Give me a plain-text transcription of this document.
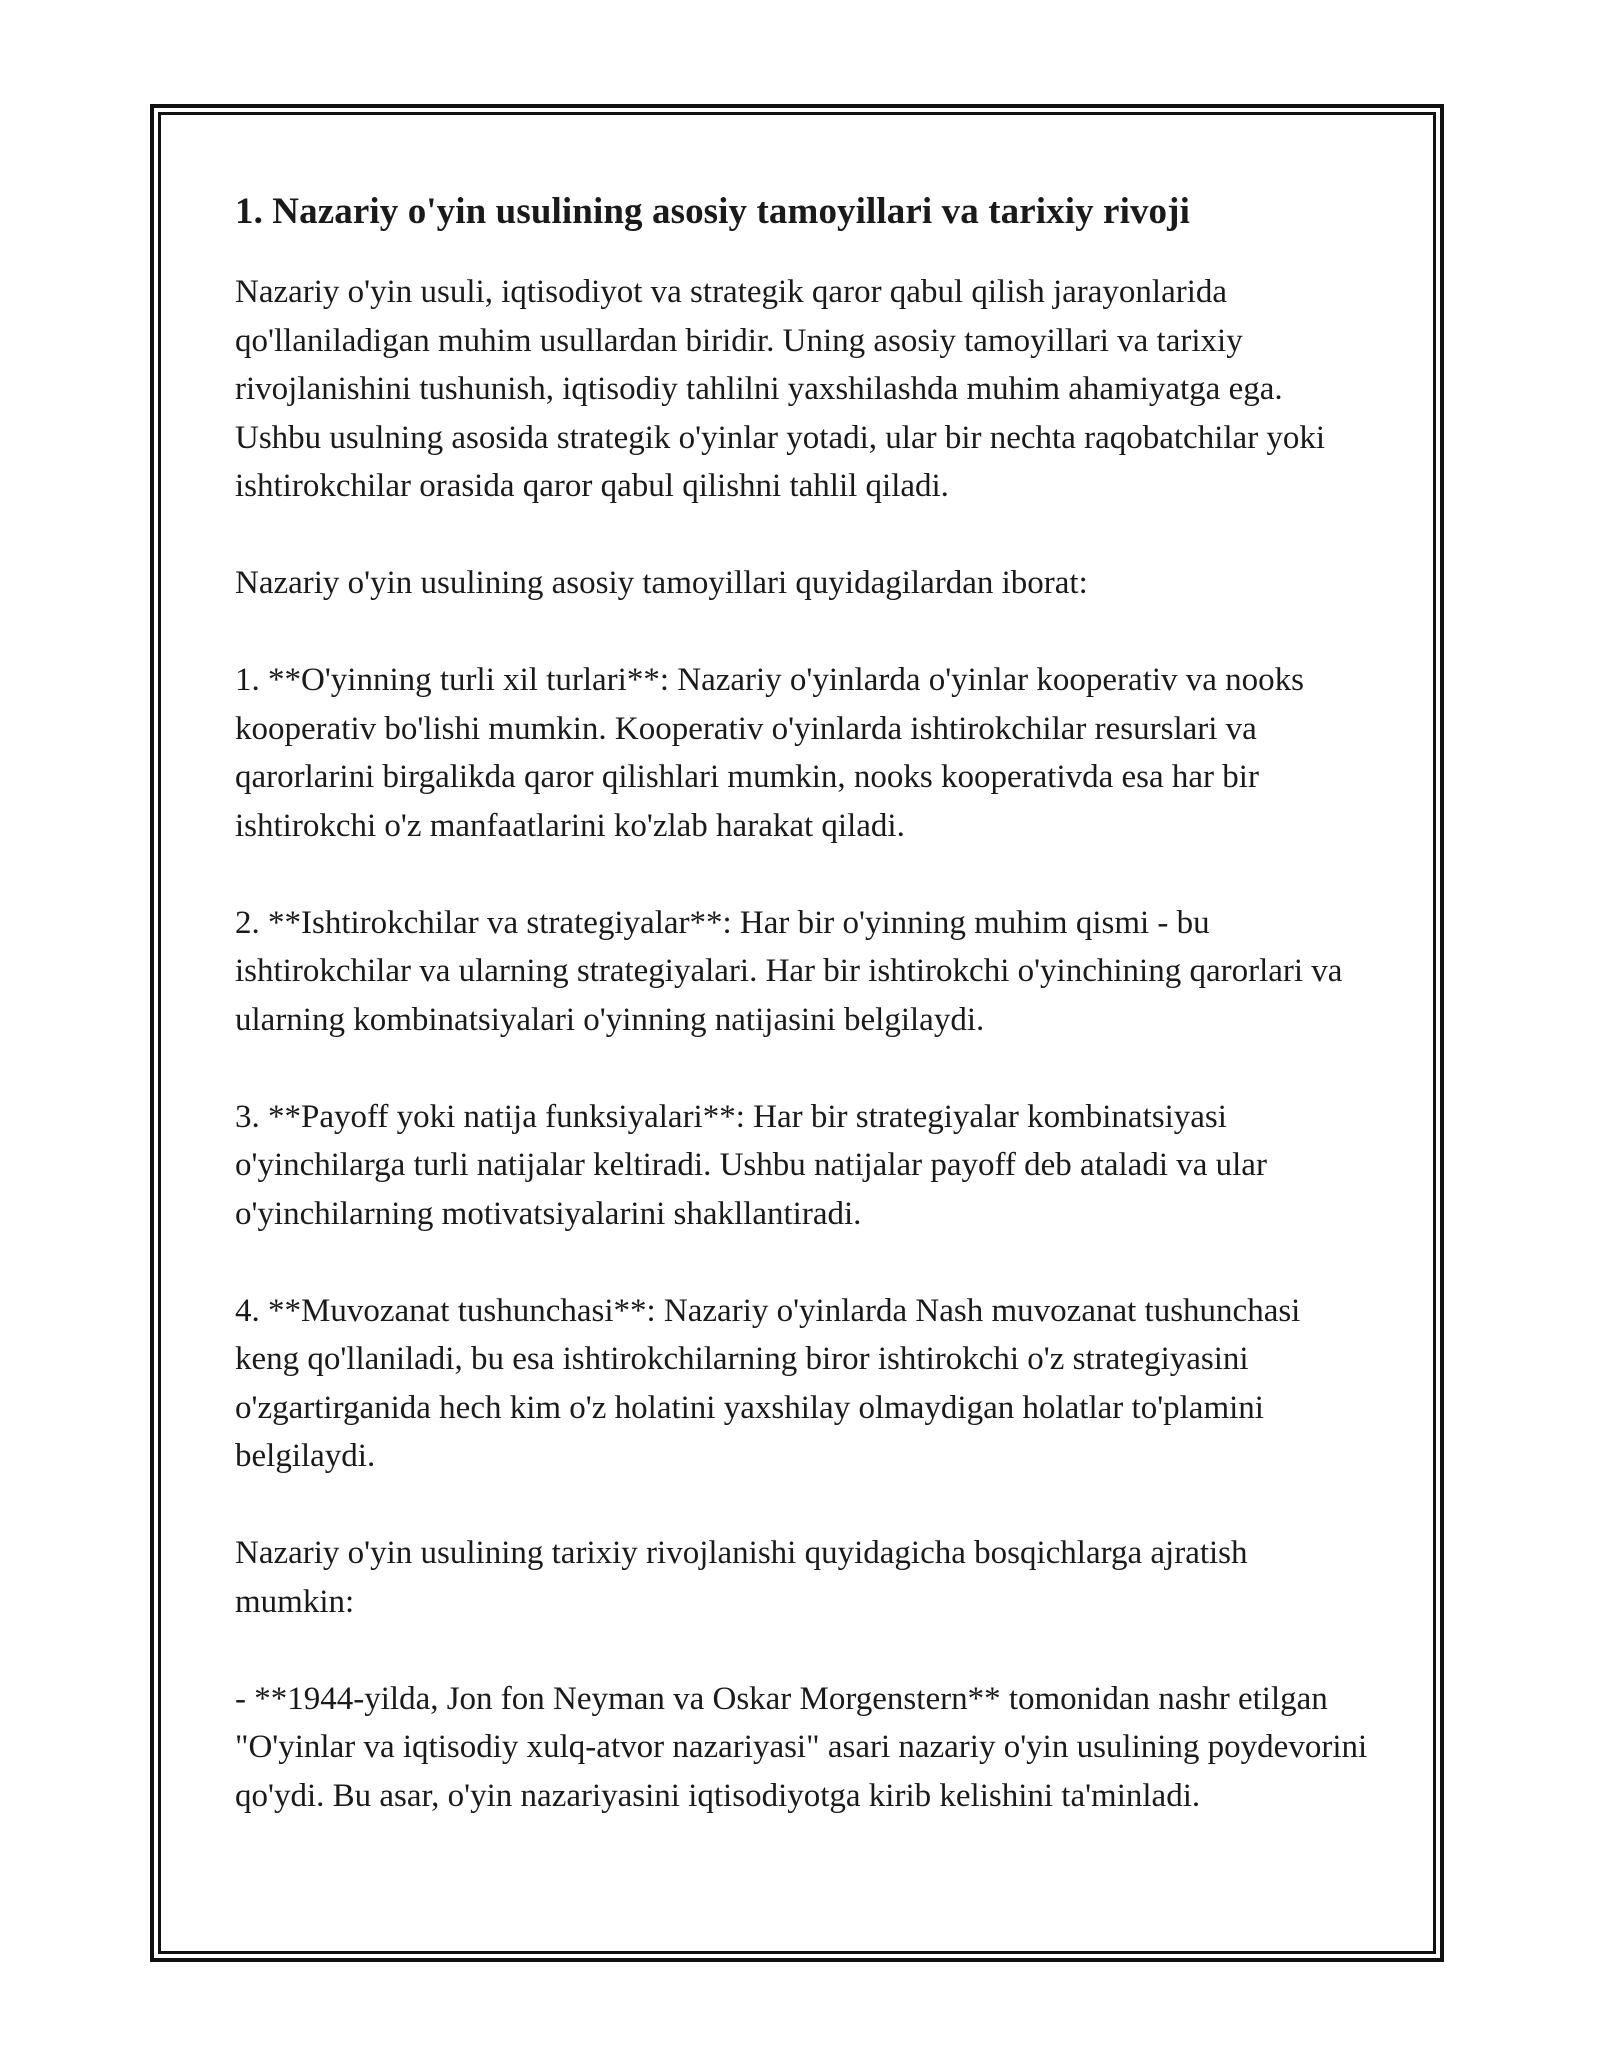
1. Nazariy o'yin usulining asosiy tamoyillari va tarixiy rivoji

Nazariy o'yin usuli, iqtisodiyot va strategik qaror qabul qilish jarayonlarida qo'llaniladigan muhim usullardan biridir. Uning asosiy tamoyillari va tarixiy rivojlanishini tushunish, iqtisodiy tahlilni yaxshilashda muhim ahamiyatga ega. Ushbu usulning asosida strategik o'yinlar yotadi, ular bir nechta raqobatchilar yoki ishtirokchilar orasida qaror qabul qilishni tahlil qiladi.

Nazariy o'yin usulining asosiy tamoyillari quyidagilardan iborat:

1. **O'yinning turli xil turlari**: Nazariy o'yinlarda o'yinlar kooperativ va nooks kooperativ bo'lishi mumkin. Kooperativ o'yinlarda ishtirokchilar resurslari va qarorlarini birgalikda qaror qilishlari mumkin, nooks kooperativda esa har bir ishtirokchi o'z manfaatlarini ko'zlab harakat qiladi.

2. **Ishtirokchilar va strategiyalar**: Har bir o'yinning muhim qismi - bu ishtirokchilar va ularning strategiyalari. Har bir ishtirokchi o'yinchining qarorlari va ularning kombinatsiyalari o'yinning natijasini belgilaydi.

3. **Payoff yoki natija funksiyalari**: Har bir strategiyalar kombinatsiyasi o'yinchilarga turli natijalar keltiradi. Ushbu natijalar payoff deb ataladi va ular o'yinchilarning motivatsiyalarini shakllantiradi.

4. **Muvozanat tushunchasi**: Nazariy o'yinlarda Nash muvozanat tushunchasi keng qo'llaniladi, bu esa ishtirokchilarning biror ishtirokchi o'z strategiyasini o'zgartirganida hech kim o'z holatini yaxshilay olmaydigan holatlar to'plamini belgilaydi.

Nazariy o'yin usulining tarixiy rivojlanishi quyidagicha bosqichlarga ajratish mumkin:

- **1944-yilda, Jon fon Neyman va Oskar Morgenstern** tomonidan nashr etilgan "O'yinlar va iqtisodiy xulq-atvor nazariyasi" asari nazariy o'yin usulining poydevorini qo'ydi. Bu asar, o'yin nazariyasini iqtisodiyotga kirib kelishini ta'minladi.
